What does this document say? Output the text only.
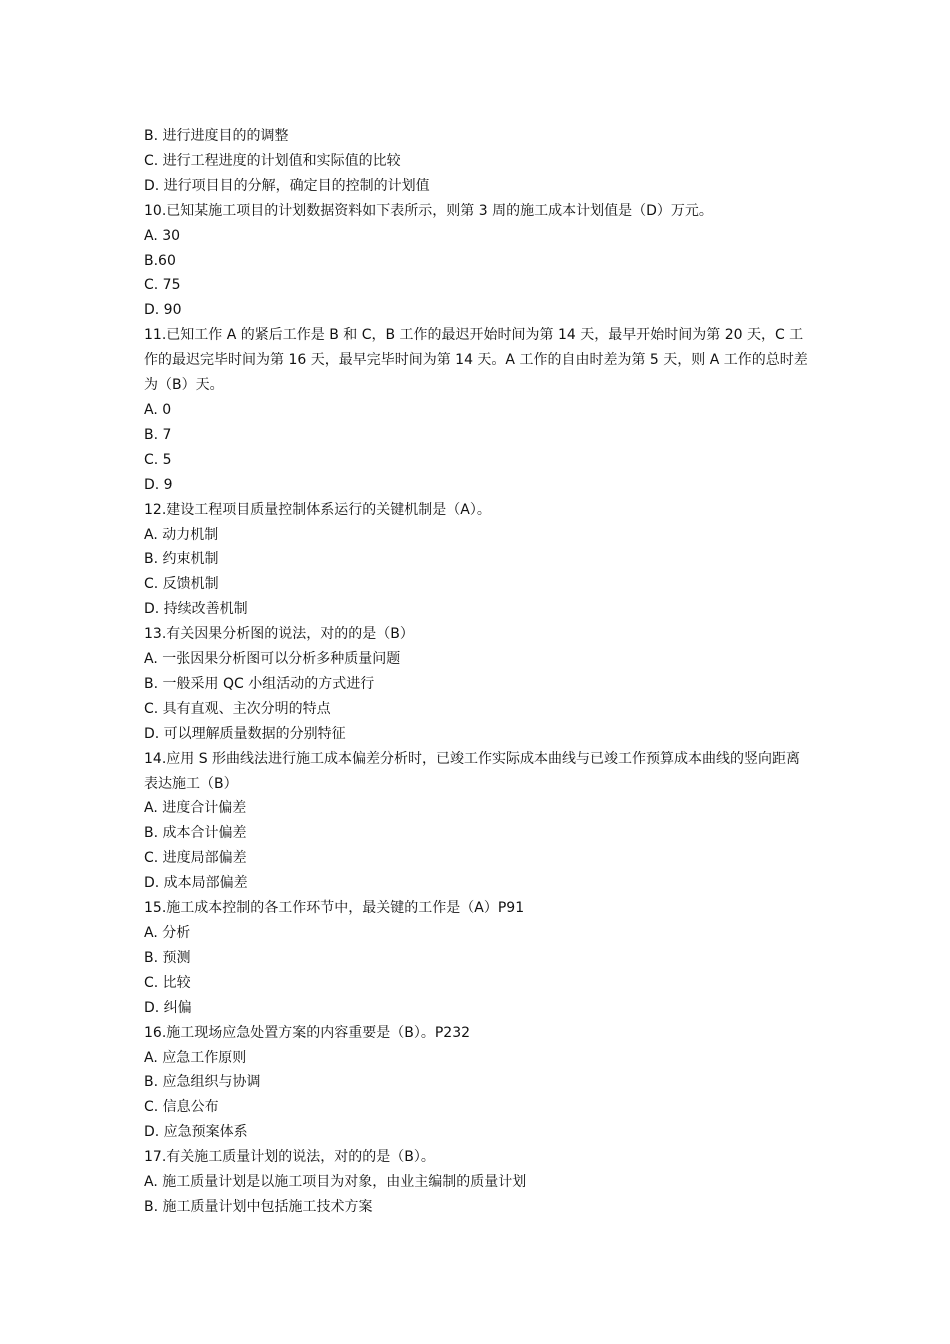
B. 进行进度目的的调整

C. 进行工程进度的计划值和实际值的比较

D. 进行项目目的分解，确定目的控制的计划值

10.已知某施工项目的计划数据资料如下表所示，则第 3 周的施工成本计划值是（D）万元。

A. 30

B.60

C. 75

D. 90

11.已知工作 A 的紧后工作是 B 和 C，B 工作的最迟开始时间为第 14 天，最早开始时间为第 20 天，C 工作的最迟完毕时间为第 16 天，最早完毕时间为第 14 天。A 工作的自由时差为第 5 天，则 A 工作的总时差为（B）天。

A. 0

B. 7

C. 5

D. 9

12.建设工程项目质量控制体系运行的关键机制是（A）。

A. 动力机制

B. 约束机制

C. 反馈机制

D. 持续改善机制

13.有关因果分析图的说法，对的的是（B）

A. 一张因果分析图可以分析多种质量问题

B. 一般采用 QC 小组活动的方式进行

C. 具有直观、主次分明的特点

D. 可以理解质量数据的分别特征

14.应用 S 形曲线法进行施工成本偏差分析时，已竣工作实际成本曲线与已竣工作预算成本曲线的竖向距离表达施工（B）

A. 进度合计偏差

B. 成本合计偏差

C. 进度局部偏差

D. 成本局部偏差

15.施工成本控制的各工作环节中，最关键的工作是（A）P91

A. 分析

B. 预测

C. 比较

D. 纠偏

16.施工现场应急处置方案的内容重要是（B）。P232

A. 应急工作原则

B. 应急组织与协调

C. 信息公布

D. 应急预案体系

17.有关施工质量计划的说法，对的的是（B）。

A. 施工质量计划是以施工项目为对象，由业主编制的质量计划

B. 施工质量计划中包括施工技术方案
